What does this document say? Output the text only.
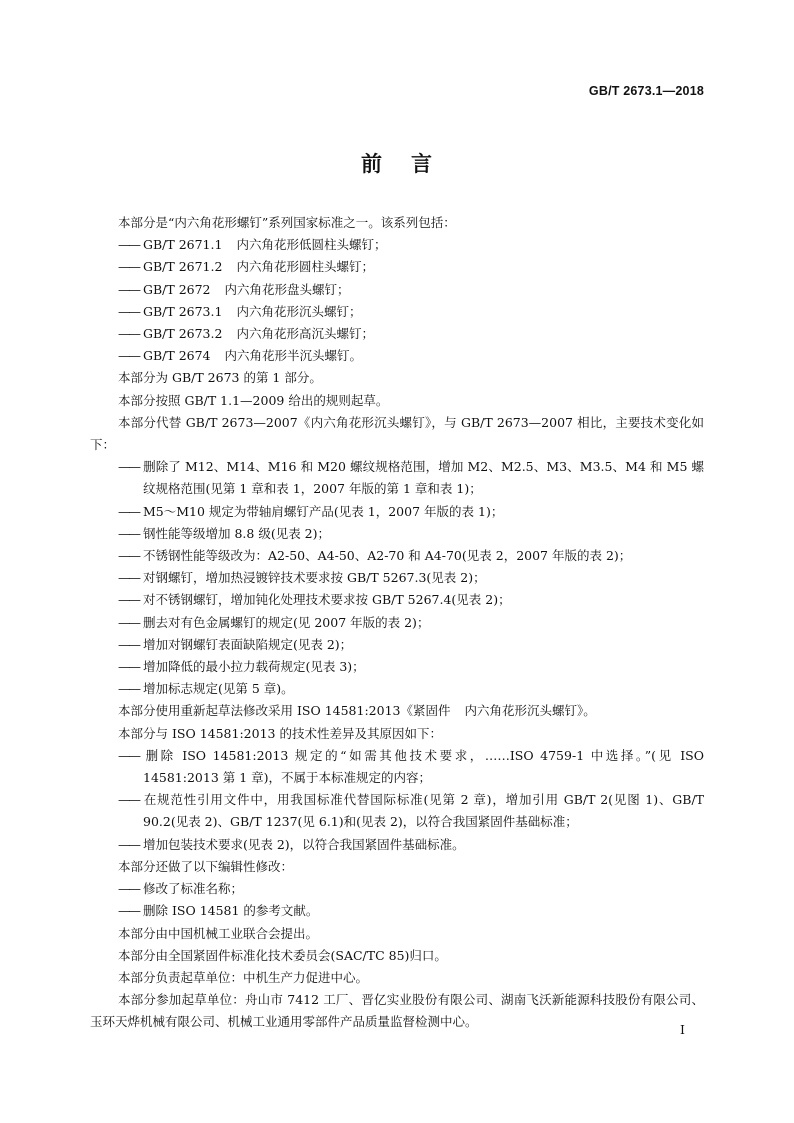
GB/T 2673.1—2018
前 言

本部分是“内六角花形螺钉”系列国家标准之一。该系列包括：

—— GB/T 2671.1 内六角花形低圆柱头螺钉；

—— GB/T 2671.2 内六角花形圆柱头螺钉；

—— GB/T 2672 内六角花形盘头螺钉；

—— GB/T 2673.1 内六角花形沉头螺钉；

—— GB/T 2673.2 内六角花形高沉头螺钉；

—— GB/T 2674 内六角花形半沉头螺钉。

本部分为 GB/T 2673 的第 1 部分。

本部分按照 GB/T 1.1—2009 给出的规则起草。

本部分代替 GB/T 2673—2007《内六角花形沉头螺钉》，与 GB/T 2673—2007 相比，主要技术变化如下：

—— 删除了 M12、M14、M16 和 M20 螺纹规格范围，增加 M2、M2.5、M3、M3.5、M4 和 M5 螺纹规格范围(见第 1 章和表 1，2007 年版的第 1 章和表 1)；

—— M5～M10 规定为带轴肩螺钉产品(见表 1，2007 年版的表 1)；

—— 钢性能等级增加 8.8 级(见表 2)；

—— 不锈钢性能等级改为：A2-50、A4-50、A2-70 和 A4-70(见表 2，2007 年版的表 2)；

—— 对钢螺钉，增加热浸镀锌技术要求按 GB/T 5267.3(见表 2)；

—— 对不锈钢螺钉，增加钝化处理技术要求按 GB/T 5267.4(见表 2)；

—— 删去对有色金属螺钉的规定(见 2007 年版的表 2)；

—— 增加对钢螺钉表面缺陷规定(见表 2)；

—— 增加降低的最小拉力载荷规定(见表 3)；

—— 增加标志规定(见第 5 章)。

本部分使用重新起草法修改采用 ISO 14581:2013《紧固件 内六角花形沉头螺钉》。

本部分与 ISO 14581:2013 的技术性差异及其原因如下：

—— 删除 ISO 14581:2013 规定的“如需其他技术要求，……ISO 4759-1 中选择。”(见 ISO 14581:2013 第 1 章)，不属于本标准规定的内容；

—— 在规范性引用文件中，用我国标准代替国际标准(见第 2 章)，增加引用 GB/T 2(见图 1)、GB/T 90.2(见表 2)、GB/T 1237(见 6.1)和(见表 2)，以符合我国紧固件基础标准；

—— 增加包装技术要求(见表 2)，以符合我国紧固件基础标准。

本部分还做了以下编辑性修改：

—— 修改了标准名称；

—— 删除 ISO 14581 的参考文献。

本部分由中国机械工业联合会提出。

本部分由全国紧固件标准化技术委员会(SAC/TC 85)归口。

本部分负责起草单位：中机生产力促进中心。

本部分参加起草单位：舟山市 7412 工厂、晋亿实业股份有限公司、湖南飞沃新能源科技股份有限公司、玉环天烨机械有限公司、机械工业通用零部件产品质量监督检测中心。

I
